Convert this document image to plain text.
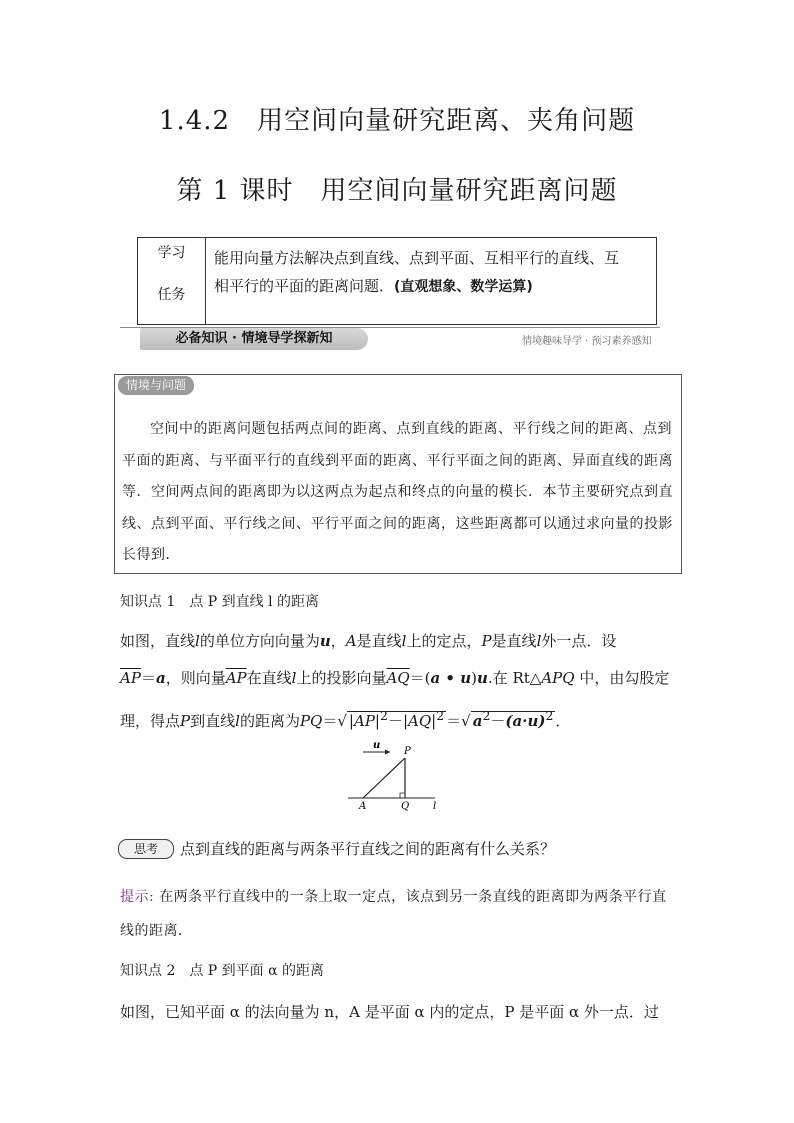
1.4.2　用空间向量研究距离、夹角问题
第 1 课时　用空间向量研究距离问题
学习
任务
能用向量方法解决点到直线、点到平面、互相平行的直线、互
相平行的平面的距离问题．(直观想象、数学运算)
必备知识 · 情境导学探新知	情境趣味导学 · 预习素养感知
情境与问题
空间中的距离问题包括两点间的距离、点到直线的距离、平行线之间的距离、点到平面的距离、与平面平行的直线到平面的距离、平行平面之间的距离、异面直线的距离等．空间两点间的距离即为以这两点为起点和终点的向量的模长．本节主要研究点到直线、点到平面、平行线之间、平行平面之间的距离，这些距离都可以通过求向量的投影长得到．
知识点 1　点 P 到直线 l 的距离
如图，直线l的单位方向向量为u，A是直线l上的定点，P是直线l外一点．设
$\overline{AP}=a$，则向量$\overline{AP}$在直线l上的投影向量$\overline{AQ}=(a$ • u)u.在 Rt△APQ 中，由勾股定
理，得点P到直线l的距离为PQ＝√ $|\overline{AP}|^2-|\overline{AQ}|^2$ ＝√ $a^2-(a\cdot u)^2$ ．
u
P
A	Q l
思考	点到直线的距离与两条平行直线之间的距离有什么关系？
提示: 在两条平行直线中的一条上取一定点，该点到另一条直线的距离即为两条平行直线的距离．
知识点 2　点 P 到平面 α 的距离
如图，已知平面 α 的法向量为 n，A 是平面 α 内的定点，P 是平面 α 外一点．过
